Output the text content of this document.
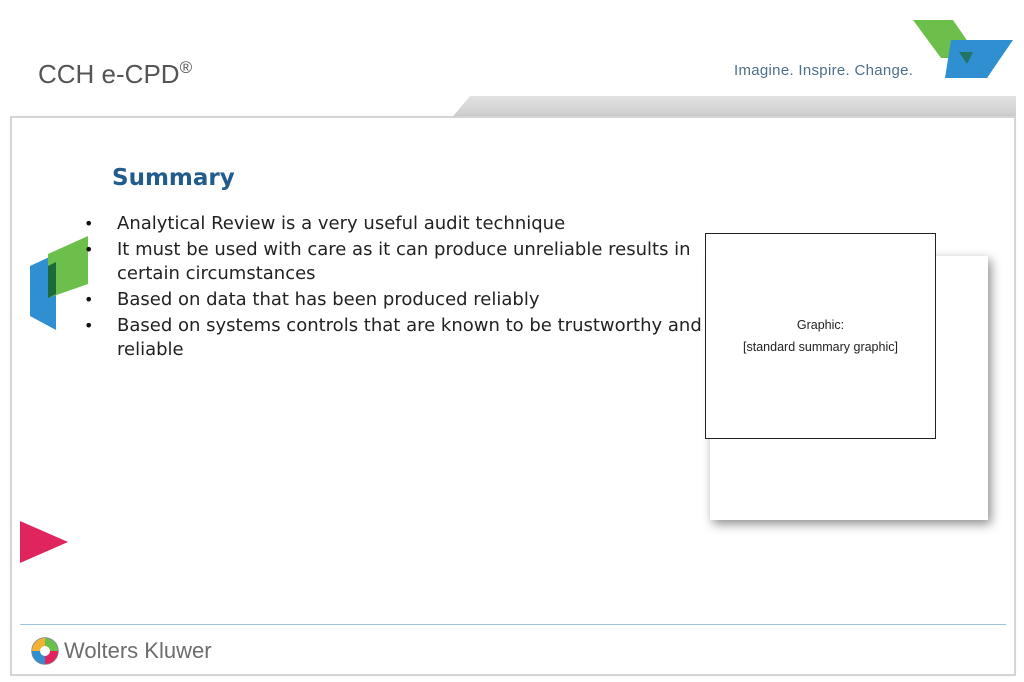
CCH e-CPD®	Imagine. Inspire. Change.
Summary
• Analytical Review is a very useful audit technique
• It must be used with care as it can produce unreliable results in certain circumstances
• Based on data that has been produced reliably
• Based on systems controls that are known to be trustworthy and reliable
Graphic:
[standard summary graphic]
Wolters Kluwer
